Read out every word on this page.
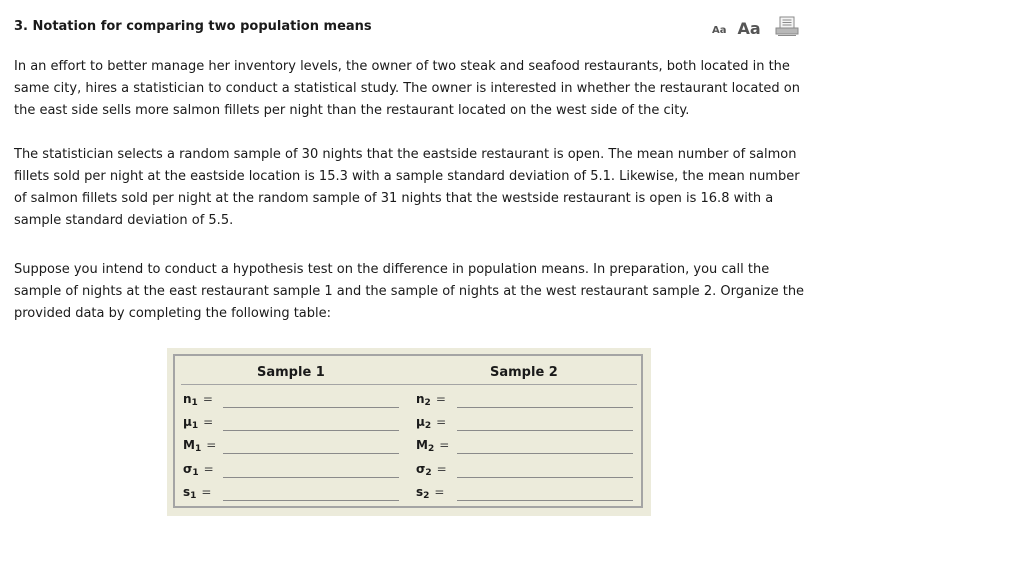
3. Notation for comparing two population means	Aa Aa

In an effort to better manage her inventory levels, the owner of two steak and seafood restaurants, both located in the same city, hires a statistician to conduct a statistical study. The owner is interested in whether the restaurant located on the east side sells more salmon fillets per night than the restaurant located on the west side of the city.

The statistician selects a random sample of 30 nights that the eastside restaurant is open. The mean number of salmon fillets sold per night at the eastside location is 15.3 with a sample standard deviation of 5.1. Likewise, the mean number of salmon fillets sold per night at the random sample of 31 nights that the westside restaurant is open is 16.8 with a sample standard deviation of 5.5.

Suppose you intend to conduct a hypothesis test on the difference in population means. In preparation, you call the sample of nights at the east restaurant sample 1 and the sample of nights at the west restaurant sample 2. Organize the provided data by completing the following table:

Sample 1	Sample 2
$n_1$ =
$\mu_1$ =
$M_1$ =
$\sigma_1$ =
$s_1$ =
$n_2$ =
$\mu_2$ =
$M_2$ =
$\sigma_2$ =
$s_2$ =
